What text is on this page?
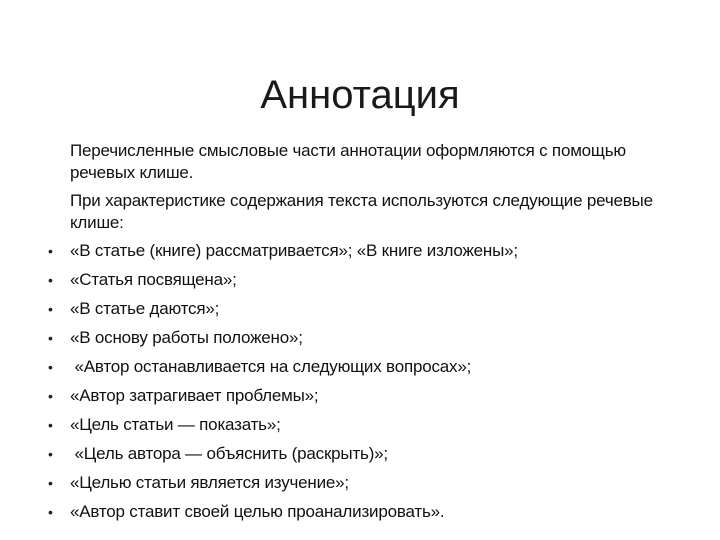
Аннотация

Перечисленные смысловые части аннотации оформляются с помощью речевых клише.

При характеристике содержания текста используются следующие речевые клише:

• «В статье (книге) рассматривается»; «В книге изложены»;
• «Статья посвящена»;
• «В статье даются»;
• «В основу работы положено»;
• «Автор останавливается на следующих вопросах»;
• «Автор затрагивает проблемы»;
• «Цель статьи — показать»;
• «Цель автора — объяснить (раскрыть)»;
• «Целью статьи является изучение»;
• «Автор ставит своей целью проанализировать».
